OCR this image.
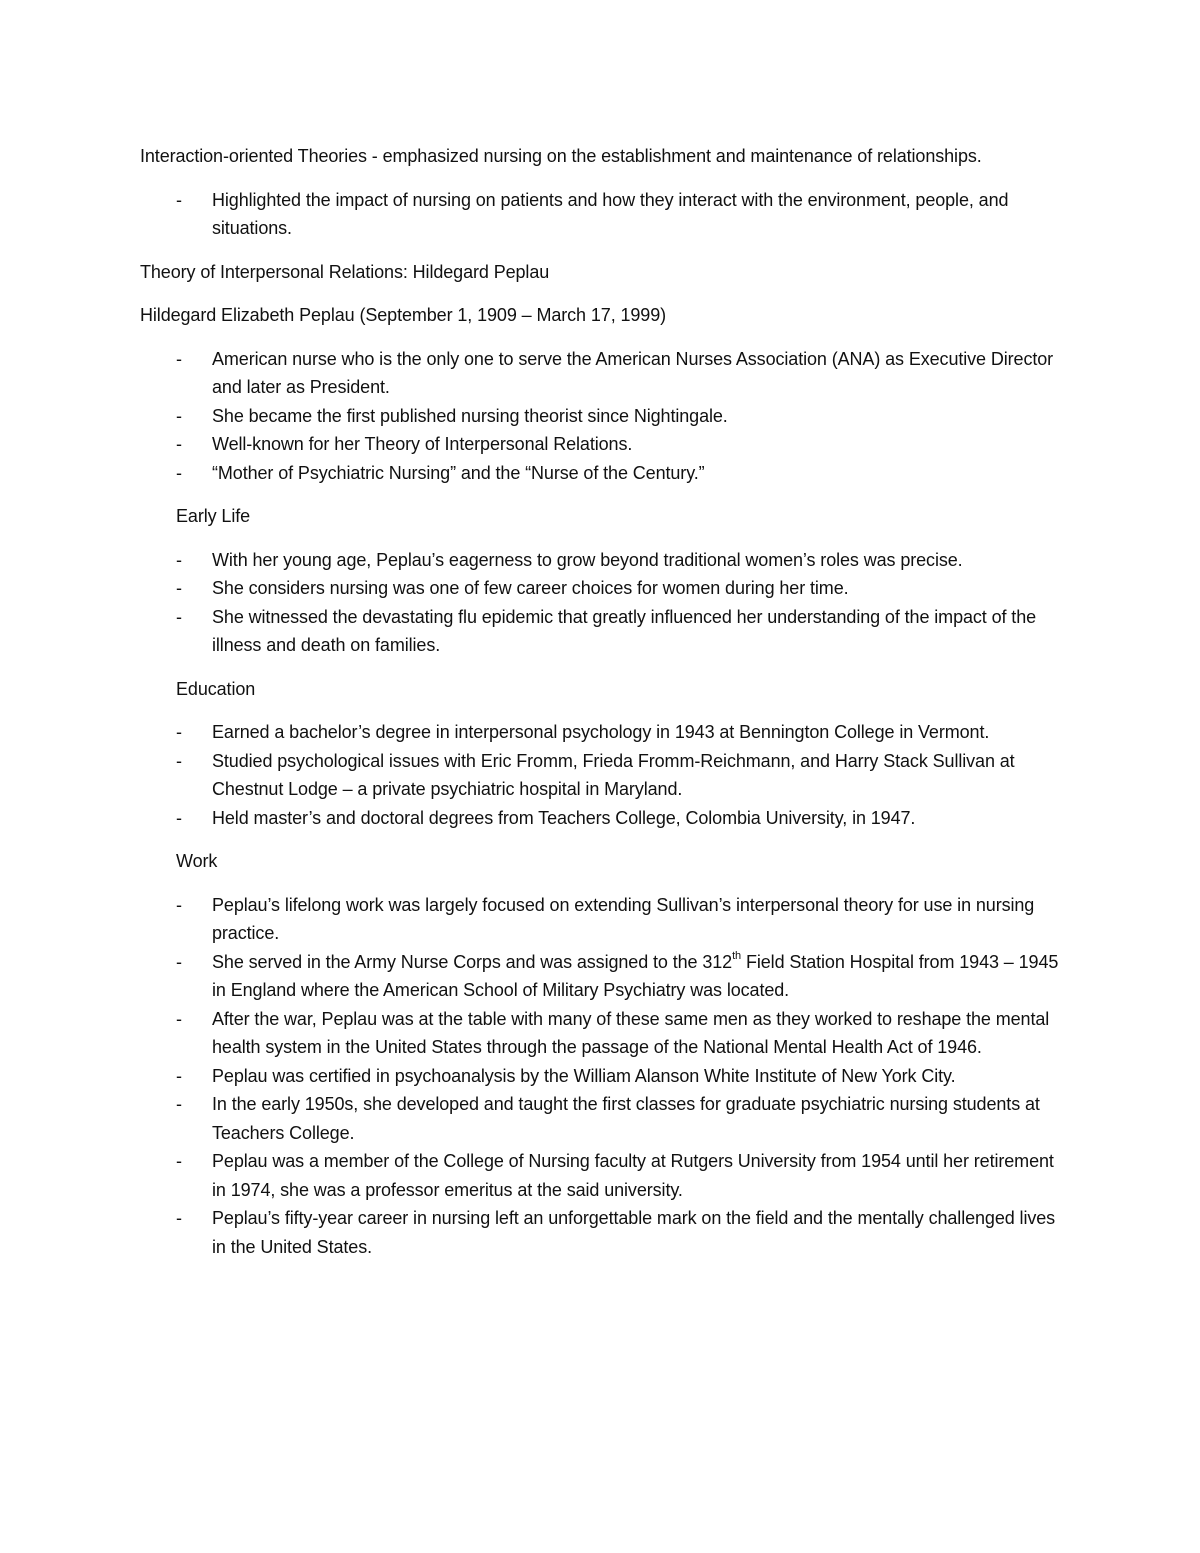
Interaction-oriented Theories - emphasized nursing on the establishment and maintenance of relationships.

- Highlighted the impact of nursing on patients and how they interact with the environment, people, and situations.

Theory of Interpersonal Relations: Hildegard Peplau

Hildegard Elizabeth Peplau (September 1, 1909 – March 17, 1999)

- American nurse who is the only one to serve the American Nurses Association (ANA) as Executive Director and later as President.
- She became the first published nursing theorist since Nightingale.
- Well-known for her Theory of Interpersonal Relations.
- “Mother of Psychiatric Nursing” and the “Nurse of the Century.”

Early Life

- With her young age, Peplau’s eagerness to grow beyond traditional women’s roles was precise.
- She considers nursing was one of few career choices for women during her time.
- She witnessed the devastating flu epidemic that greatly influenced her understanding of the impact of the illness and death on families.

Education

- Earned a bachelor’s degree in interpersonal psychology in 1943 at Bennington College in Vermont.
- Studied psychological issues with Eric Fromm, Frieda Fromm-Reichmann, and Harry Stack Sullivan at Chestnut Lodge – a private psychiatric hospital in Maryland.
- Held master’s and doctoral degrees from Teachers College, Colombia University, in 1947.

Work

- Peplau’s lifelong work was largely focused on extending Sullivan’s interpersonal theory for use in nursing practice.
- She served in the Army Nurse Corps and was assigned to the 312th Field Station Hospital from 1943 – 1945 in England where the American School of Military Psychiatry was located.
- After the war, Peplau was at the table with many of these same men as they worked to reshape the mental health system in the United States through the passage of the National Mental Health Act of 1946.
- Peplau was certified in psychoanalysis by the William Alanson White Institute of New York City.
- In the early 1950s, she developed and taught the first classes for graduate psychiatric nursing students at Teachers College.
- Peplau was a member of the College of Nursing faculty at Rutgers University from 1954 until her retirement in 1974, she was a professor emeritus at the said university.
- Peplau’s fifty-year career in nursing left an unforgettable mark on the field and the mentally challenged lives in the United States.
